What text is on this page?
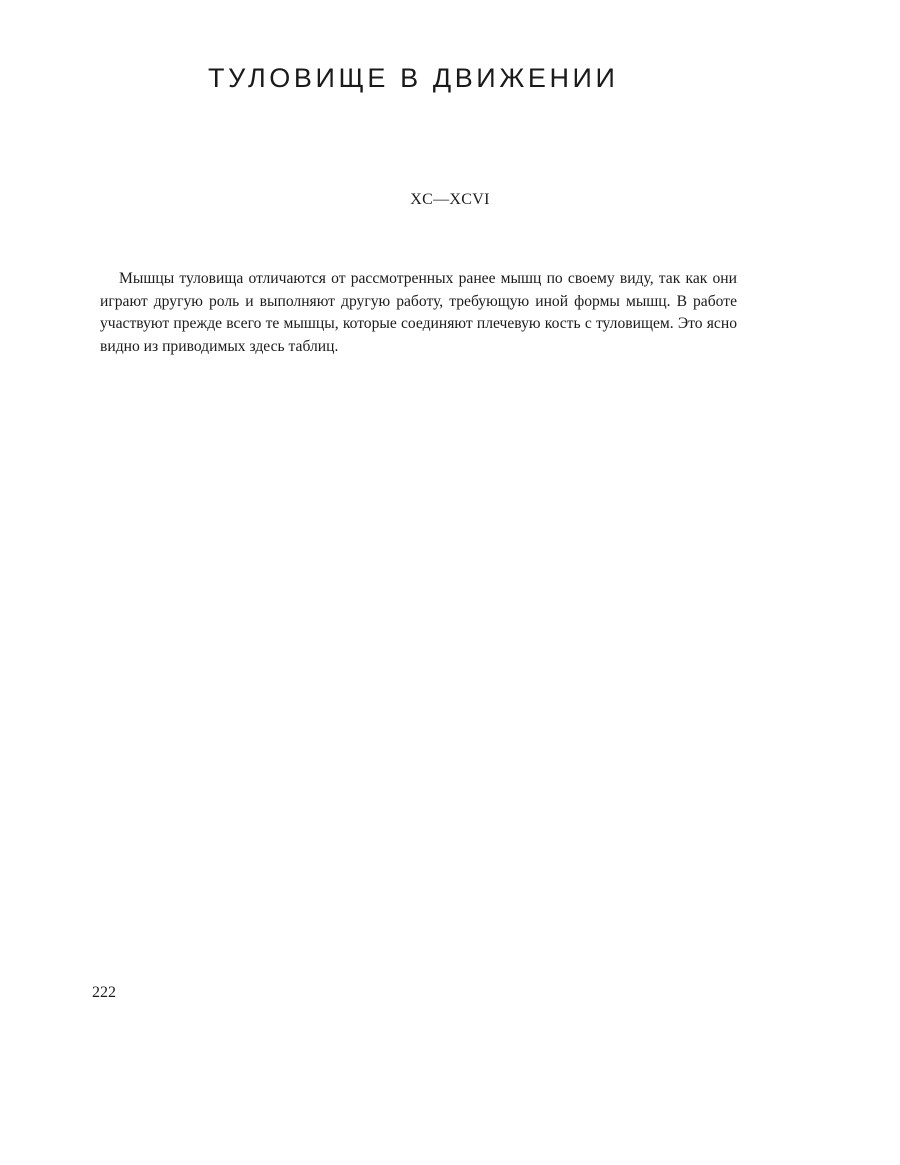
ТУЛОВИЩЕ В ДВИЖЕНИИ

XC—XCVI

Мышцы туловища отличаются от рассмотренных ранее мышц по своему виду, так как они играют другую роль и выполняют другую работу, требующую иной формы мышц. В работе участвуют прежде всего те мышцы, которые соединяют плечевую кость с туловищем. Это ясно видно из приводимых здесь таблиц.

222
